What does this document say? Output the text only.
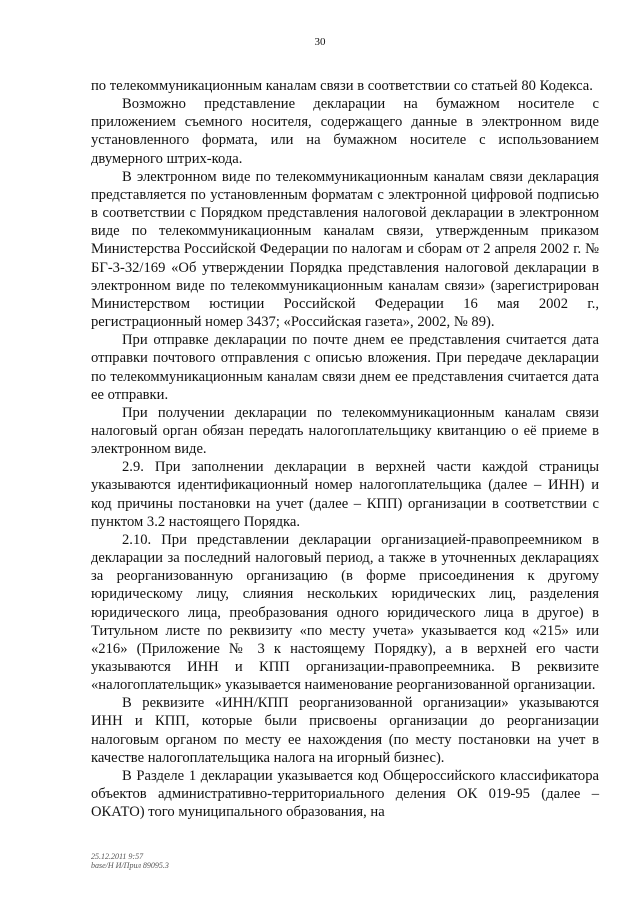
30

по телекоммуникационным каналам связи в соответствии со статьей 80 Кодекса.

Возможно представление декларации на бумажном носителе с приложением съемного носителя, содержащего данные в электронном виде установленного формата, или на бумажном носителе с использованием двумерного штрих-кода.

В электронном виде по телекоммуникационным каналам связи декларация представляется по установленным форматам с электронной цифровой подписью в соответствии с Порядком представления налоговой декларации в электронном виде по телекоммуникационным каналам связи, утвержденным приказом Министерства Российской Федерации по налогам и сборам от 2 апреля 2002 г. № БГ-3-32/169 «Об утверждении Порядка представления налоговой декларации в электронном виде по телекоммуникационным каналам связи» (зарегистрирован Министерством юстиции Российской Федерации 16 мая 2002 г., регистрационный номер 3437; «Российская газета», 2002, № 89).

При отправке декларации по почте днем ее представления считается дата отправки почтового отправления с описью вложения. При передаче декларации по телекоммуникационным каналам связи днем ее представления считается дата ее отправки.

При получении декларации по телекоммуникационным каналам связи налоговый орган обязан передать налогоплательщику квитанцию о её приеме в электронном виде.

2.9. При заполнении декларации в верхней части каждой страницы указываются идентификационный номер налогоплательщика (далее – ИНН) и код причины постановки на учет (далее – КПП) организации в соответствии с пунктом 3.2 настоящего Порядка.

2.10. При представлении декларации организацией-правопреемником в декларации за последний налоговый период, а также в уточненных декларациях за реорганизованную организацию (в форме присоединения к другому юридическому лицу, слияния нескольких юридических лиц, разделения юридического лица, преобразования одного юридического лица в другое) в Титульном листе по реквизиту «по месту учета» указывается код «215» или «216» (Приложение № 3 к настоящему Порядку), а в верхней его части указываются ИНН и КПП организации-правопреемника. В реквизите «налогоплательщик» указывается наименование реорганизованной организации.

В реквизите «ИНН/КПП реорганизованной организации» указываются ИНН и КПП, которые были присвоены организации до реорганизации налоговым органом по месту ее нахождения (по месту постановки на учет в качестве налогоплательщика налога на игорный бизнес).

В Разделе 1 декларации указывается код Общероссийского классификатора объектов административно-территориального деления ОК 019-95 (далее – ОКАТО) того муниципального образования, на

25.12.2011 9:57
base/Н И/Прил 89095.3
